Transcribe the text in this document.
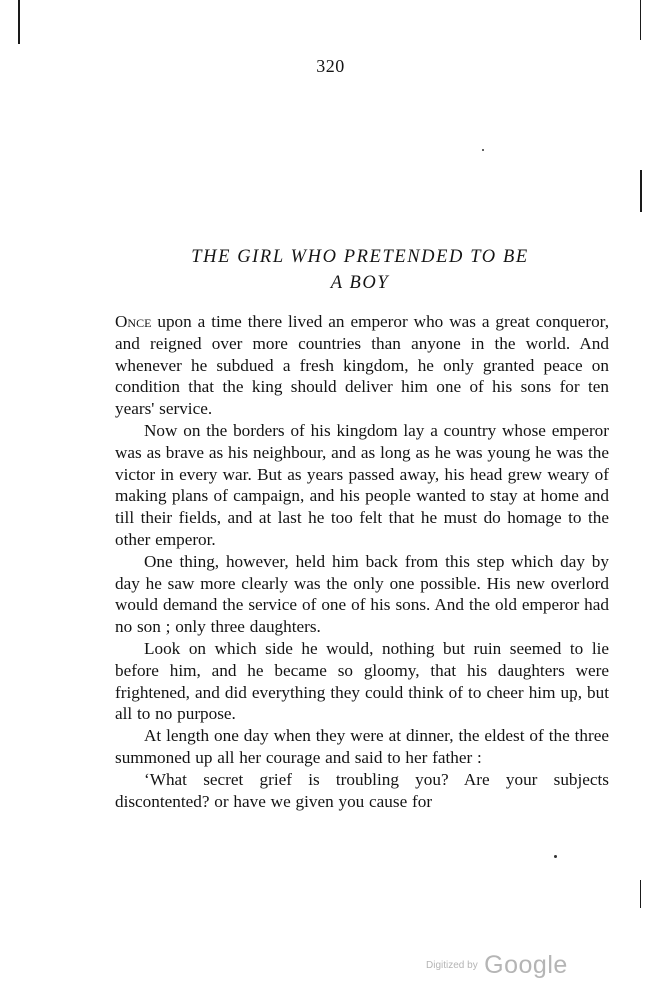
320
THE GIRL WHO PRETENDED TO BE
A BOY

Once upon a time there lived an emperor who was a great conqueror, and reigned over more countries than anyone in the world. And whenever he subdued a fresh kingdom, he only granted peace on condition that the king should deliver him one of his sons for ten years' service.

Now on the borders of his kingdom lay a country whose emperor was as brave as his neighbour, and as long as he was young he was the victor in every war. But as years passed away, his head grew weary of making plans of campaign, and his people wanted to stay at home and till their fields, and at last he too felt that he must do homage to the other emperor.

One thing, however, held him back from this step which day by day he saw more clearly was the only one possible. His new overlord would demand the service of one of his sons. And the old emperor had no son ; only three daughters.

Look on which side he would, nothing but ruin seemed to lie before him, and he became so gloomy, that his daughters were frightened, and did everything they could think of to cheer him up, but all to no purpose.

At length one day when they were at dinner, the eldest of the three summoned up all her courage and said to her father :

‘What secret grief is troubling you? Are your subjects discontented? or have we given you cause for

Digitized by Google
